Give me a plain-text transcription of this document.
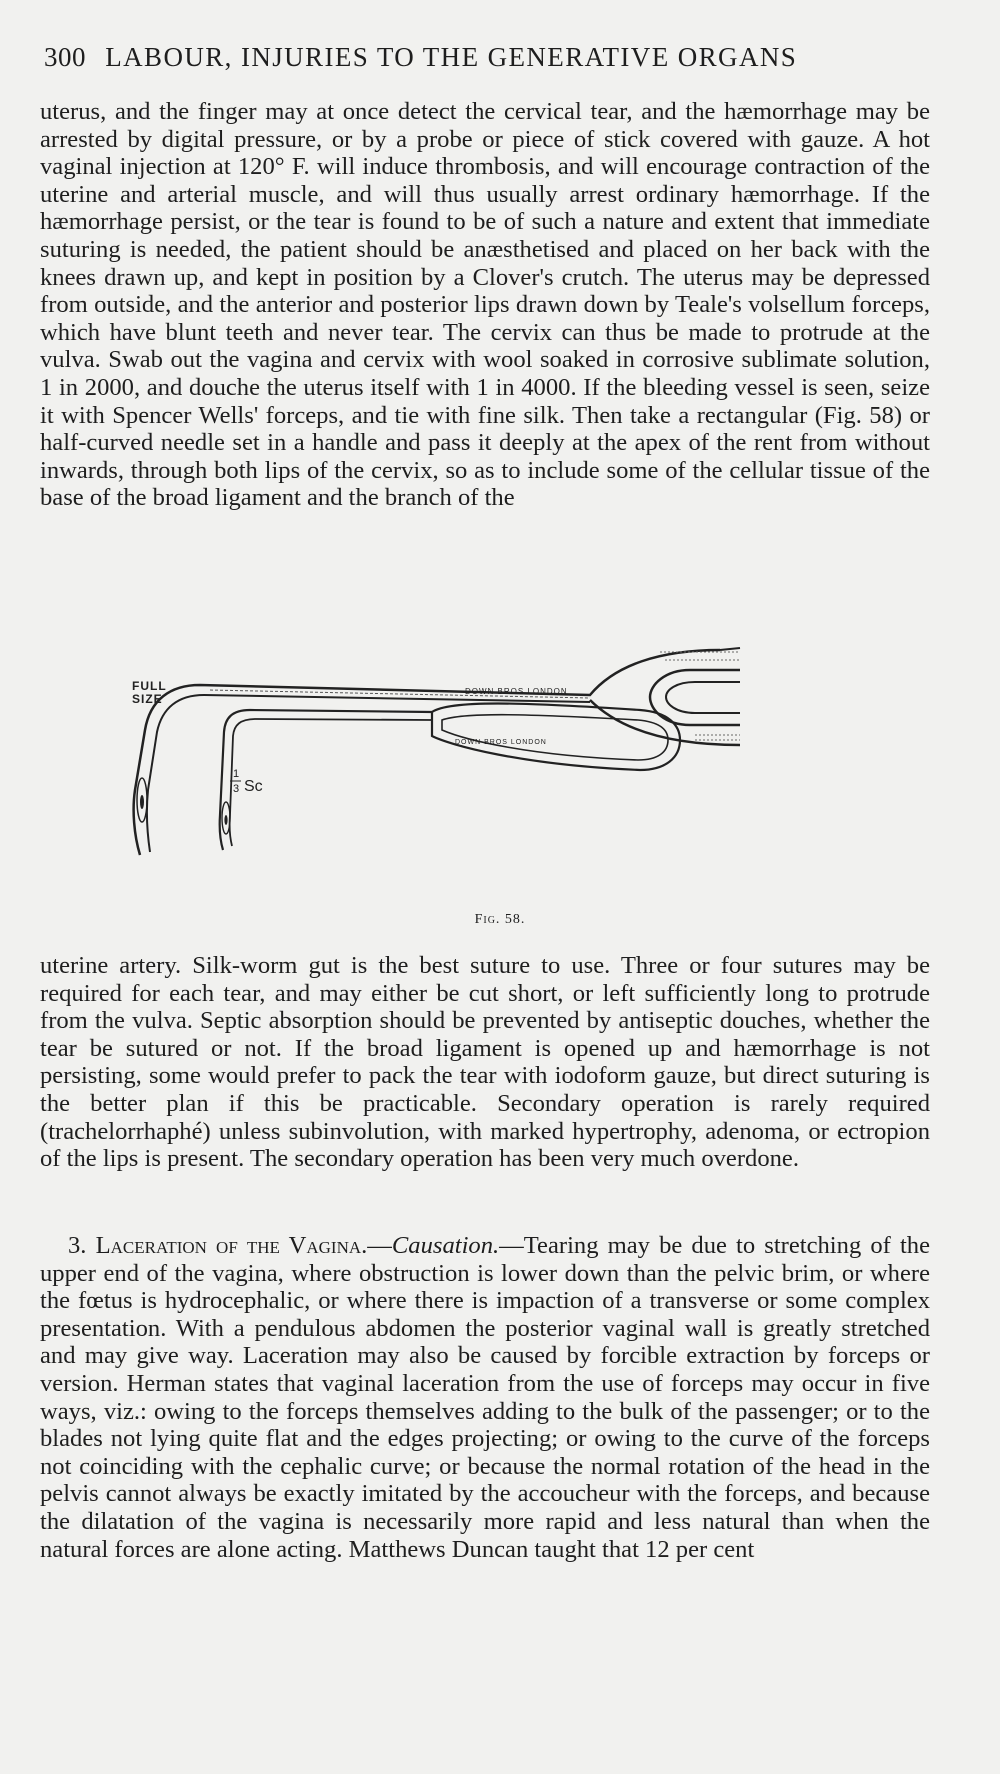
300 LABOUR, INJURIES TO THE GENERATIVE ORGANS

uterus, and the finger may at once detect the cervical tear, and the hæmorrhage may be arrested by digital pressure, or by a probe or piece of stick covered with gauze. A hot vaginal injection at 120° F. will induce thrombosis, and will encourage contraction of the uterine and arterial muscle, and will thus usually arrest ordinary hæmorrhage. If the hæmorrhage persist, or the tear is found to be of such a nature and extent that immediate suturing is needed, the patient should be anæsthetised and placed on her back with the knees drawn up, and kept in position by a Clover's crutch. The uterus may be depressed from outside, and the anterior and posterior lips drawn down by Teale's volsellum forceps, which have blunt teeth and never tear. The cervix can thus be made to protrude at the vulva. Swab out the vagina and cervix with wool soaked in corrosive sublimate solution, 1 in 2000, and douche the uterus itself with 1 in 4000. If the bleeding vessel is seen, seize it with Spencer Wells' forceps, and tie with fine silk. Then take a rectangular (Fig. 58) or half-curved needle set in a handle and pass it deeply at the apex of the rent from without inwards, through both lips of the cervix, so as to include some of the cellular tissue of the base of the broad ligament and the branch of the

FULL
SIZE
1
3 Sc
DOWN BROS LONDON
DOWN BROS LONDON
Fig. 58.

uterine artery. Silk-worm gut is the best suture to use. Three or four sutures may be required for each tear, and may either be cut short, or left sufficiently long to protrude from the vulva. Septic absorption should be prevented by antiseptic douches, whether the tear be sutured or not. If the broad ligament is opened up and hæmorrhage is not persisting, some would prefer to pack the tear with iodoform gauze, but direct suturing is the better plan if this be practicable. Secondary operation is rarely required (trachelorrhaphé) unless subinvolution, with marked hypertrophy, adenoma, or ectropion of the lips is present. The secondary operation has been very much overdone.

3. Laceration of the Vagina.—Causation.—Tearing may be due to stretching of the upper end of the vagina, where obstruction is lower down than the pelvic brim, or where the fœtus is hydrocephalic, or where there is impaction of a transverse or some complex presentation. With a pendulous abdomen the posterior vaginal wall is greatly stretched and may give way. Laceration may also be caused by forcible extraction by forceps or version. Herman states that vaginal laceration from the use of forceps may occur in five ways, viz.: owing to the forceps themselves adding to the bulk of the passenger; or to the blades not lying quite flat and the edges projecting; or owing to the curve of the forceps not coinciding with the cephalic curve; or because the normal rotation of the head in the pelvis cannot always be exactly imitated by the accoucheur with the forceps, and because the dilatation of the vagina is necessarily more rapid and less natural than when the natural forces are alone acting. Matthews Duncan taught that 12 per cent
